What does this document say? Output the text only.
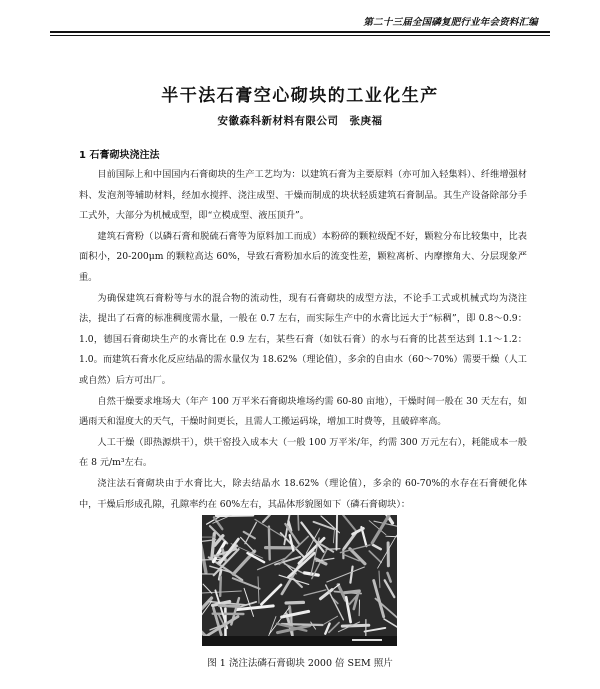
第二十三届全国磷复肥行业年会资料汇编
半干法石膏空心砌块的工业化生产
安徽森科新材料有限公司　张庚福
1 石膏砌块浇注法

目前国际上和中国国内石膏砌块的生产工艺均为：以建筑石膏为主要原料（亦可加入轻集料）、纤维增强材料、发泡剂等辅助材料，经加水搅拌、浇注成型、干燥而制成的块状轻质建筑石膏制品。其生产设备除部分手工式外，大部分为机械成型，即“立模成型、液压顶升”。

建筑石膏粉（以磷石膏和脱硫石膏等为原料加工而成）本粉碎的颗粒级配不好，颗粒分布比较集中，比表面积小，20-200μm 的颗粒高达 60%，导致石膏粉加水后的流变性差，颗粒离析、内摩擦角大、分层现象严重。

为确保建筑石膏粉等与水的混合物的流动性，现有石膏砌块的成型方法，不论手工式或机械式均为浇注法，提出了石膏的标准稠度需水量，一般在 0.7 左右，而实际生产中的水膏比远大于“标稠”，即 0.8～0.9：1.0，德国石膏砌块生产的水膏比在 0.9 左右，某些石膏（如钛石膏）的水与石膏的比甚至达到 1.1～1.2：1.0。而建筑石膏水化反应结晶的需水量仅为 18.62%（理论值），多余的自由水（60～70%）需要干燥（人工或自然）后方可出厂。

自然干燥要求堆场大（年产 100 万平米石膏砌块堆场约需 60-80 亩地），干燥时间一般在 30 天左右，如遇雨天和湿度大的天气，干燥时间更长，且需人工搬运码垛，增加工时费等，且破碎率高。

人工干燥（即热源烘干），烘干窑投入成本大（一般 100 万平米/年，约需 300 万元左右），耗能成本一般在 8 元/m³左右。

浇注法石膏砌块由于水膏比大，除去结晶水 18.62%（理论值），多余的 60-70%的水存在石膏硬化体中，干燥后形成孔隙，孔隙率约在 60%左右，其晶体形貌图如下（磷石膏砌块）：

图 1 浇注法磷石膏砌块 2000 倍 SEM 照片
